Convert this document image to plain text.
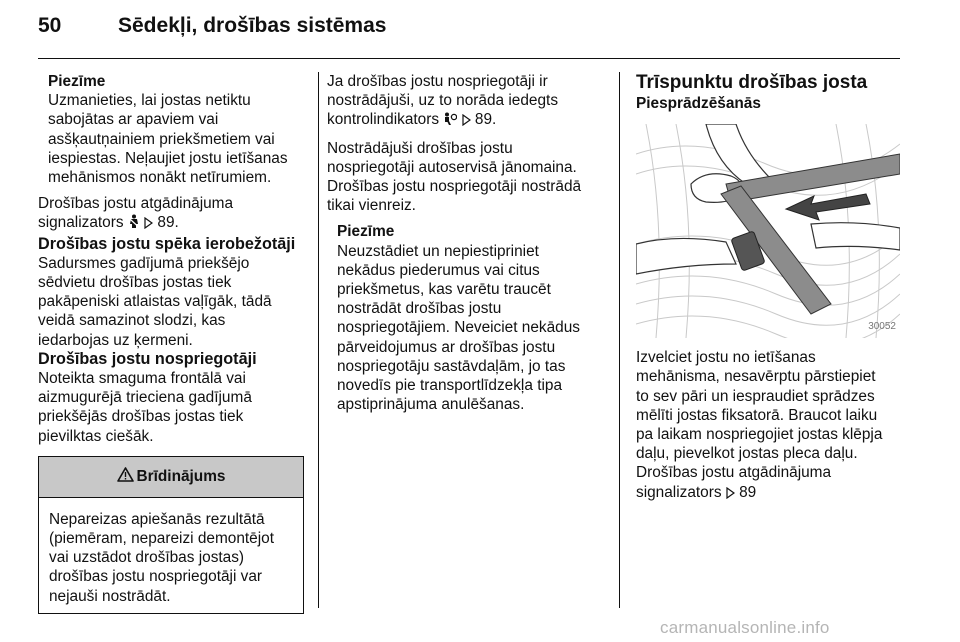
50	Sēdekļi, drošības sistēmas

Piezīme

Uzmanieties, lai jostas netiktu

sabojātas ar apaviem vai

asšķautņainiem priekšmetiem vai

iespiestas. Neļaujiet jostu ietīšanas

mehānismos nonākt netīrumiem.

Drošības jostu atgādinājuma

signalizators 89.

Drošības jostu spēka ierobežotāji

Sadursmes gadījumā priekšējo

sēdvietu drošības jostas tiek

pakāpeniski atlaistas vaļīgāk, tādā

veidā samazinot slodzi, kas

iedarbojas uz ķermeni.

Drošības jostu nospriegotāji

Noteikta smaguma frontālā vai

aizmugurējā trieciena gadījumā

priekšējās drošības jostas tiek

pievilktas ciešāk.

Brīdinājums

Nepareizas apiešanās rezultātā

(piemēram, nepareizi demontējot

vai uzstādot drošības jostas)

drošības jostu nospriegotāji var

nejauši nostrādāt.

Ja drošības jostu nospriegotāji ir

nostrādājuši, uz to norāda iedegts

kontrolindikators 89.

Nostrādājuši drošības jostu

nospriegotāji autoservisā jānomaina.

Drošības jostu nospriegotāji nostrādā

tikai vienreiz.

Piezīme

Neuzstādiet un nepiestipriniet

nekādus piederumus vai citus

priekšmetus, kas varētu traucēt

nostrādāt drošības jostu

nospriegotājiem. Neveiciet nekādus

pārveidojumus ar drošības jostu

nospriegotāju sastāvdaļām, jo tas

novedīs pie transportlīdzekļa tipa

apstiprinājuma anulēšanas.

Trīspunktu drošības josta

Piesprādzēšanās

30052

Izvelciet jostu no ietīšanas

mehānisma, nesavērptu pārstiepiet

to sev pāri un iespraudiet sprādzes

mēlīti jostas fiksatorā. Braucot laiku

pa laikam nospriegojiet jostas klēpja

daļu, pievelkot jostas pleca daļu.

Drošības jostu atgādinājuma

signalizators 89

carmanualsonline.info
